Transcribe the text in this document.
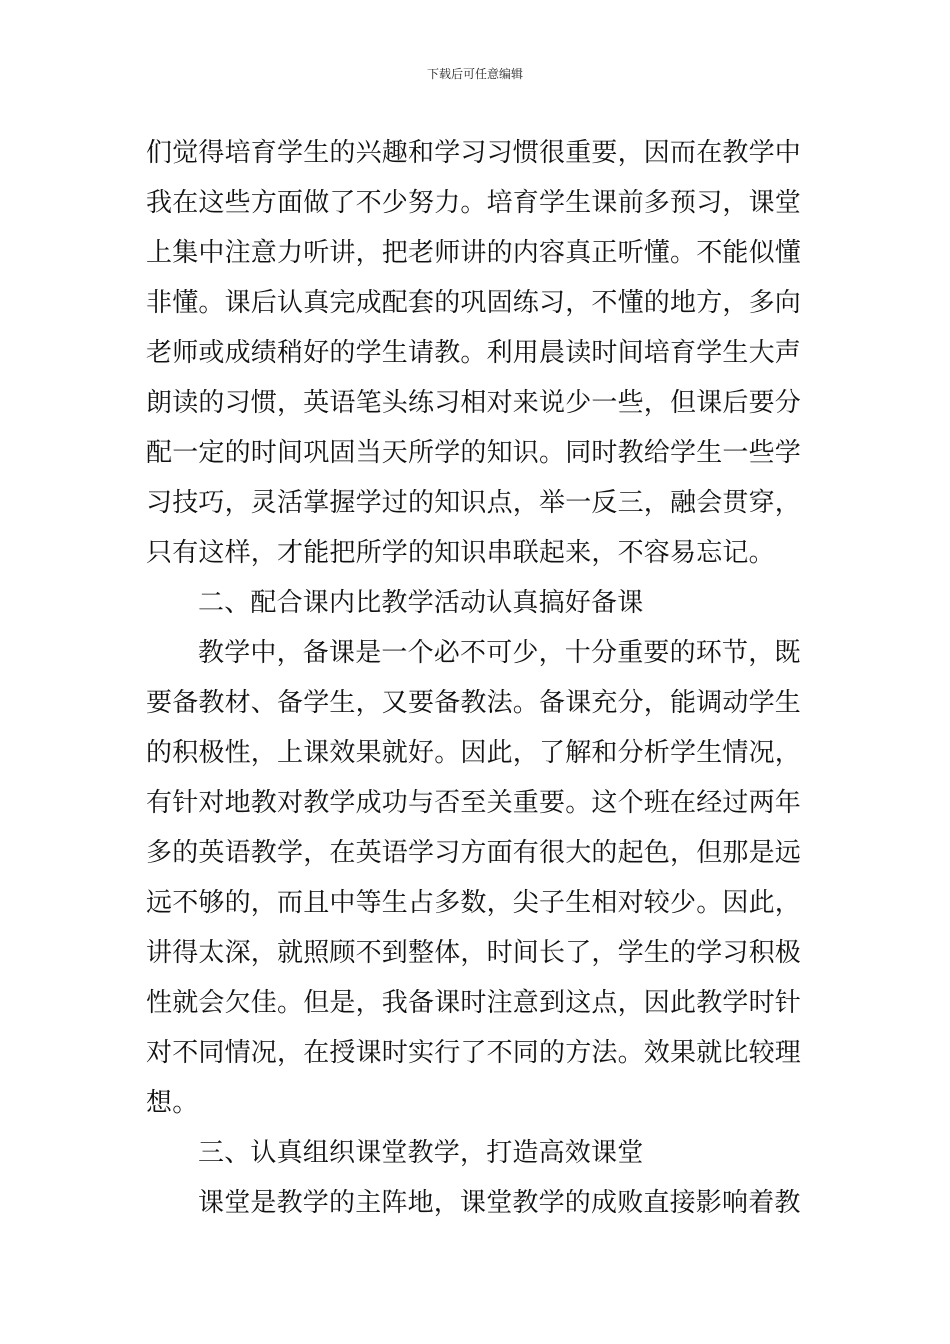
下载后可任意编辑
们觉得培育学生的兴趣和学习习惯很重要，因而在教学中
我在这些方面做了不少努力。培育学生课前多预习，课堂
上集中注意力听讲，把老师讲的内容真正听懂。不能似懂
非懂。课后认真完成配套的巩固练习，不懂的地方，多向
老师或成绩稍好的学生请教。利用晨读时间培育学生大声
朗读的习惯，英语笔头练习相对来说少一些，但课后要分
配一定的时间巩固当天所学的知识。同时教给学生一些学
习技巧，灵活掌握学过的知识点，举一反三，融会贯穿，
只有这样，才能把所学的知识串联起来，不容易忘记。
二、配合课内比教学活动认真搞好备课
教学中，备课是一个必不可少，十分重要的环节，既
要备教材、备学生，又要备教法。备课充分，能调动学生
的积极性，上课效果就好。因此，了解和分析学生情况，
有针对地教对教学成功与否至关重要。这个班在经过两年
多的英语教学，在英语学习方面有很大的起色，但那是远
远不够的，而且中等生占多数，尖子生相对较少。因此，
讲得太深，就照顾不到整体，时间长了，学生的学习积极
性就会欠佳。但是，我备课时注意到这点，因此教学时针
对不同情况，在授课时实行了不同的方法。效果就比较理
想。
三、认真组织课堂教学，打造高效课堂
课堂是教学的主阵地，课堂教学的成败直接影响着教
